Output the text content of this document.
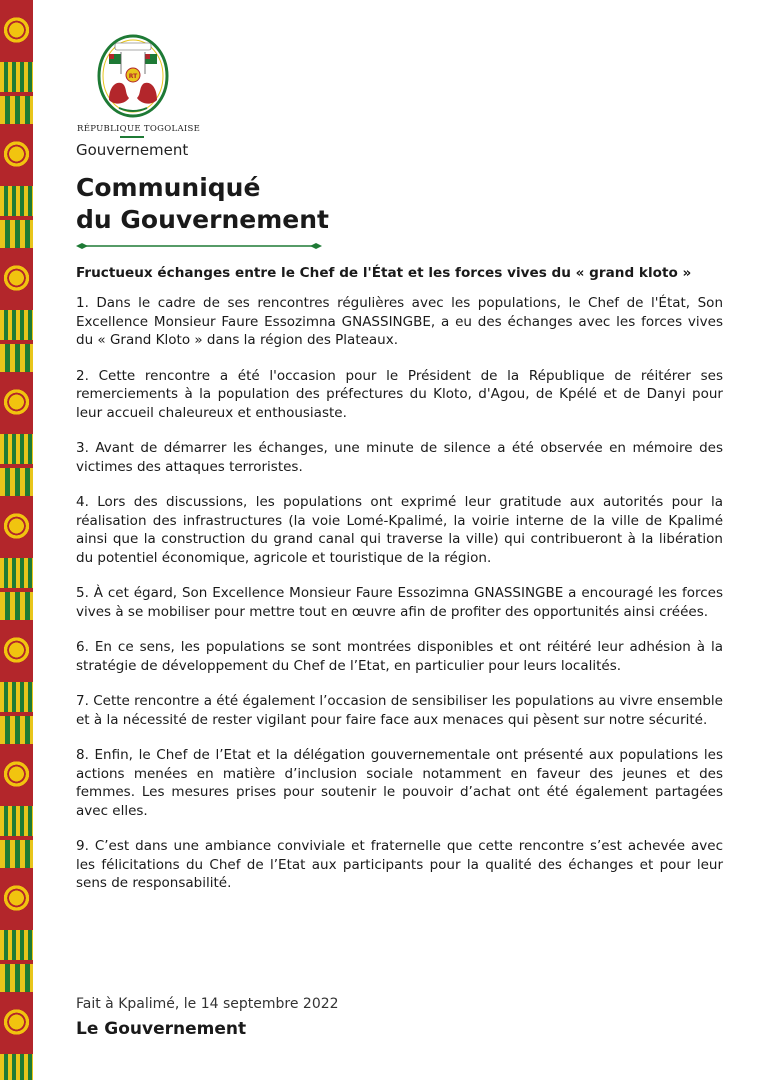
RT
RÉPUBLIQUE TOGOLAISE
Gouvernement
Communiqué
du Gouvernement
Fructueux échanges entre le Chef de l'État et les forces vives du « grand kloto »

1. Dans le cadre de ses rencontres régulières avec les populations, le Chef de l'État, Son Excellence Monsieur Faure Essozimna GNASSINGBE, a eu des échanges avec les forces vives du « Grand Kloto » dans la région des Plateaux.

2. Cette rencontre a été l'occasion pour le Président de la République de réitérer ses remerciements à la population des préfectures du Kloto, d'Agou, de Kpélé et de Danyi pour leur accueil chaleureux et enthousiaste.

3. Avant de démarrer les échanges, une minute de silence a été observée en mémoire des victimes des attaques terroristes.

4. Lors des discussions, les populations ont exprimé leur gratitude aux autorités pour la réalisation des infrastructures (la voie Lomé-Kpalimé, la voirie interne de la ville de Kpalimé ainsi que la construction du grand canal qui traverse la ville) qui contribueront à la libération du potentiel économique, agricole et touristique de la région.

5. À cet égard, Son Excellence Monsieur Faure Essozimna GNASSINGBE a encouragé les forces vives à se mobiliser pour mettre tout en œuvre afin de profiter des opportunités ainsi créées.

6. En ce sens, les populations se sont montrées disponibles et ont réitéré leur adhésion à la stratégie de développement du Chef de l’Etat, en particulier pour leurs localités.

7. Cette rencontre a été également l’occasion de sensibiliser les populations au vivre ensemble et à la nécessité de rester vigilant pour faire face aux menaces qui pèsent sur notre sécurité.

8. Enfin, le Chef de l’Etat et la délégation gouvernementale ont présenté aux populations les actions menées en matière d’inclusion sociale notamment en faveur des jeunes et des femmes. Les mesures prises pour soutenir le pouvoir d’achat ont été également partagées avec elles.

9. C’est dans une ambiance conviviale et fraternelle que cette rencontre s’est achevée avec les félicitations du Chef de l’Etat aux participants pour la qualité des échanges et pour leur sens de responsabilité.

Fait à Kpalimé, le 14 septembre 2022
Le Gouvernement
